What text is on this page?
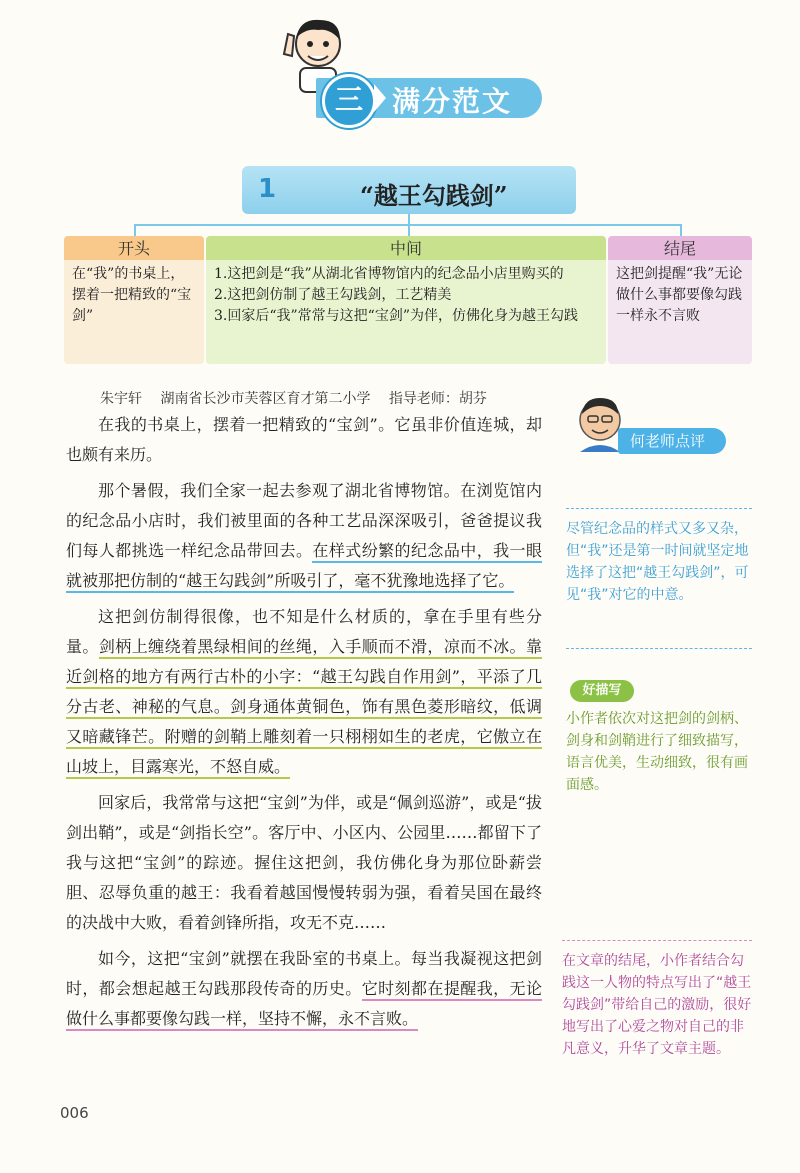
三	满分范文
1	“越王勾践剑”
开头
在“我”的书桌上，摆着一把精致的“宝剑”
中间
1.这把剑是“我”从湖北省博物馆内的纪念品小店里购买的
2.这把剑仿制了越王勾践剑，工艺精美
3.回家后“我”常常与这把“宝剑”为伴，仿佛化身为越王勾践
结尾
这把剑提醒“我”无论做什么事都要像勾践一样永不言败
朱宇轩 湖南省长沙市芙蓉区育才第二小学 指导老师：胡芬

在我的书桌上，摆着一把精致的“宝剑”。它虽非价值连城，却也颇有来历。

那个暑假，我们全家一起去参观了湖北省博物馆。在浏览馆内的纪念品小店时，我们被里面的各种工艺品深深吸引，爸爸提议我们每人都挑选一样纪念品带回去。在样式纷繁的纪念品中，我一眼就被那把仿制的“越王勾践剑”所吸引了，毫不犹豫地选择了它。

这把剑仿制得很像，也不知是什么材质的，拿在手里有些分量。剑柄上缠绕着黑绿相间的丝绳，入手顺而不滑，凉而不冰。靠近剑格的地方有两行古朴的小字：“越王勾践自作用剑”，平添了几分古老、神秘的气息。剑身通体黄铜色，饰有黑色菱形暗纹，低调又暗藏锋芒。附赠的剑鞘上雕刻着一只栩栩如生的老虎，它傲立在山坡上，目露寒光，不怒自威。

回家后，我常常与这把“宝剑”为伴，或是“佩剑巡游”，或是“拔剑出鞘”，或是“剑指长空”。客厅中、小区内、公园里……都留下了我与这把“宝剑”的踪迹。握住这把剑，我仿佛化身为那位卧薪尝胆、忍辱负重的越王：我看着越国慢慢转弱为强，看着吴国在最终的决战中大败，看着剑锋所指，攻无不克……

如今，这把“宝剑”就摆在我卧室的书桌上。每当我凝视这把剑时，都会想起越王勾践那段传奇的历史。它时刻都在提醒我，无论做什么事都要像勾践一样，坚持不懈，永不言败。

何老师点评
尽管纪念品的样式又多又杂，但“我”还是第一时间就坚定地选择了这把“越王勾践剑”，可见“我”对它的中意。
好描写
小作者依次对这把剑的剑柄、剑身和剑鞘进行了细致描写，语言优美，生动细致，很有画面感。
在文章的结尾，小作者结合勾践这一人物的特点写出了“越王勾践剑”带给自己的激励，很好地写出了心爱之物对自己的非凡意义，升华了文章主题。
006
